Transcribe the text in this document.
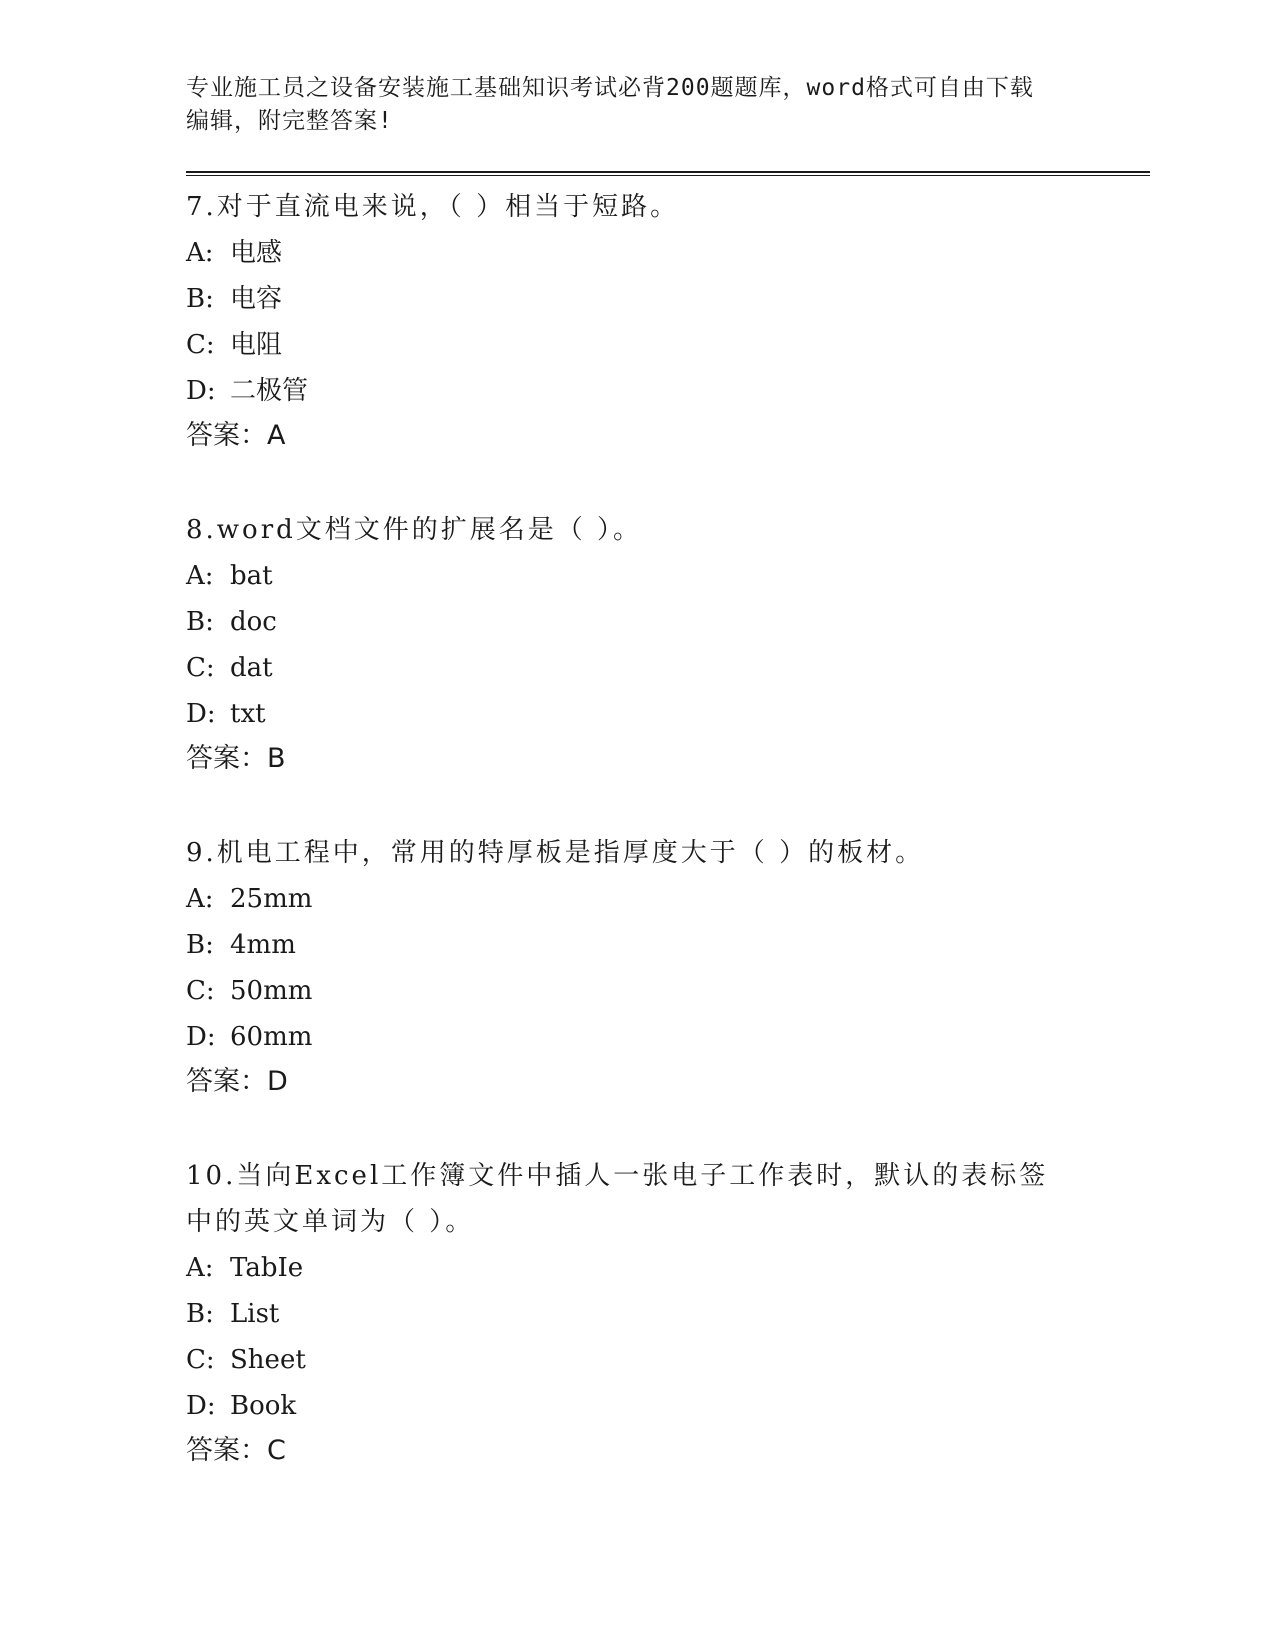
专业施工员之设备安装施工基础知识考试必背200题题库，word格式可自由下载
编辑，附完整答案!

7.对于直流电来说，（ ）相当于短路。

A: 电感

B: 电容

C: 电阻

D: 二极管

答案：A

8.word文档文件的扩展名是（ ）。

A: bat

B: doc

C: dat

D: txt

答案：B

9.机电工程中，常用的特厚板是指厚度大于（ ）的板材。

A: 25mm

B: 4mm

C: 50mm

D: 60mm

答案：D

10.当向Excel工作簿文件中插人一张电子工作表时，默认的表标签中的英文单词为（ ）。

A: TabIe

B: List

C: Sheet

D: Book

答案：C
